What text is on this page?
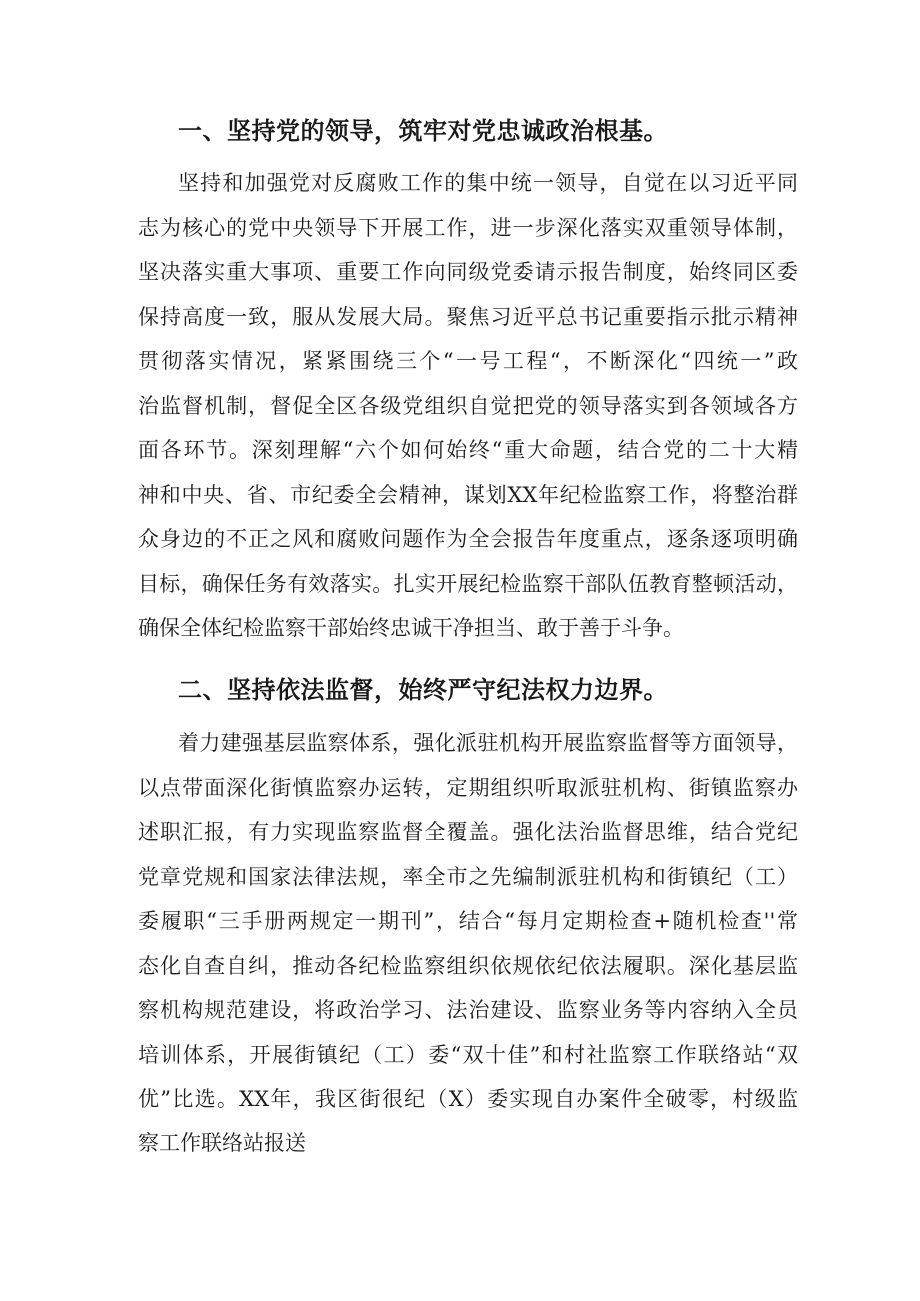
一、坚持党的领导，筑牢对党忠诚政治根基。
坚持和加强党对反腐败工作的集中统一领导，自觉在以习近平同
志为核心的党中央领导下开展工作，进一步深化落实双重领导体制，
坚决落实重大事项、重要工作向同级党委请示报告制度，始终同区委
保持高度一致，服从发展大局。聚焦习近平总书记重要指示批示精神
贯彻落实情况，紧紧围绕三个“一号工程“，不断深化“四统一”政
治监督机制，督促全区各级党组织自觉把党的领导落实到各领域各方
面各环节。深刻理解“六个如何始终“重大命题，结合党的二十大精
神和中央、省、市纪委全会精神，谋划XX年纪检监察工作，将整治群
众身边的不正之风和腐败问题作为全会报告年度重点，逐条逐项明确
目标，确保任务有效落实。扎实开展纪检监察干部队伍教育整顿活动，
确保全体纪检监察干部始终忠诚干净担当、敢于善于斗争。
二、坚持依法监督，始终严守纪法权力边界。
着力建强基层监察体系，强化派驻机构开展监察监督等方面领导，
以点带面深化街慎监察办运转，定期组织听取派驻机构、街镇监察办
述职汇报，有力实现监察监督全覆盖。强化法治监督思维，结合党纪
党章党规和国家法律法规，率全市之先编制派驻机构和街镇纪（工）
委履职“三手册两规定一期刊”，结合“每月定期检查+随机检查''常
态化自查自纠，推动各纪检监察组织依规依纪依法履职。深化基层监
察机构规范建设，将政治学习、法治建设、监察业务等内容纳入全员
培训体系，开展街镇纪（工）委“双十佳”和村社监察工作联络站“双
优”比选。XX年，我区街很纪（X）委实现自办案件全破零，村级监
察工作联络站报送
